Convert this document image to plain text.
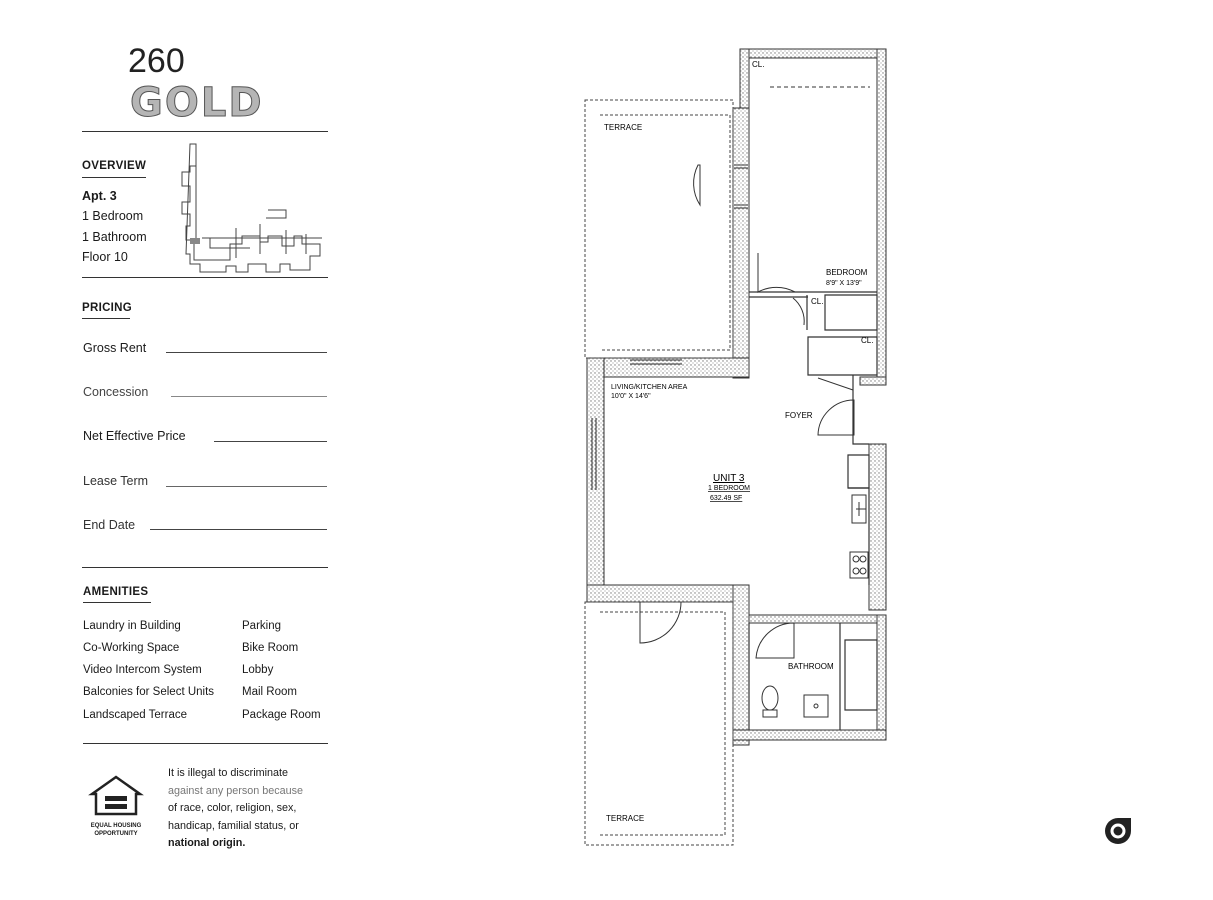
260
GOLD
OVERVIEW
Apt. 3
1 Bedroom
1 Bathroom
Floor 10
PRICING
Gross Rent
Concession
Net Effective Price
Lease Term
End Date
AMENITIES
Laundry in Building
Co-Working Space
Video Intercom System
Balconies for Select Units
Landscaped Terrace
Parking
Bike Room
Lobby
Mail Room
Package Room
EQUAL HOUSING
OPPORTUNITY
It is illegal to discriminate
against any person because
of race, color, religion, sex,
handicap, familial status, or
national origin.
TERRACE
CL.
BEDROOM
8'9" X 13'9"
CL.
CL.
LIVING/KITCHEN AREA
10'0" X 14'6"
FOYER
UNIT 3
1 BEDROOM
632.49 SF
BATHROOM
TERRACE
